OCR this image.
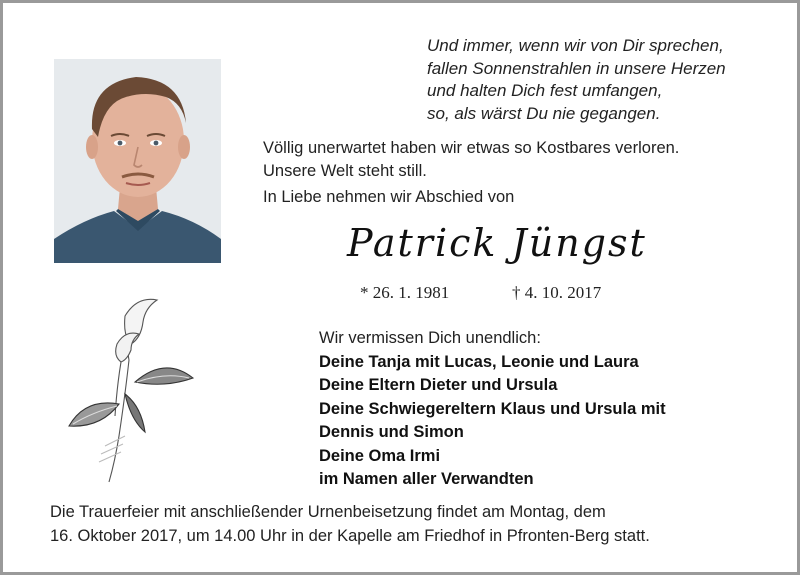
Und immer, wenn wir von Dir sprechen,
fallen Sonnenstrahlen in unsere Herzen
und halten Dich fest umfangen,
so, als wärst Du nie gegangen.
Völlig unerwartet haben wir etwas so Kostbares verloren.
Unsere Welt steht still.
In Liebe nehmen wir Abschied von
Patrick Jüngst
* 26. 1. 1981	† 4. 10. 2017
Wir vermissen Dich unendlich:
Deine Tanja mit Lucas, Leonie und Laura
Deine Eltern Dieter und Ursula
Deine Schwiegereltern Klaus und Ursula mit
Dennis und Simon
Deine Oma Irmi
im Namen aller Verwandten
Die Trauerfeier mit anschließender Urnenbeisetzung findet am Montag, dem
16. Oktober 2017, um 14.00 Uhr in der Kapelle am Friedhof in Pfronten-Berg statt.
